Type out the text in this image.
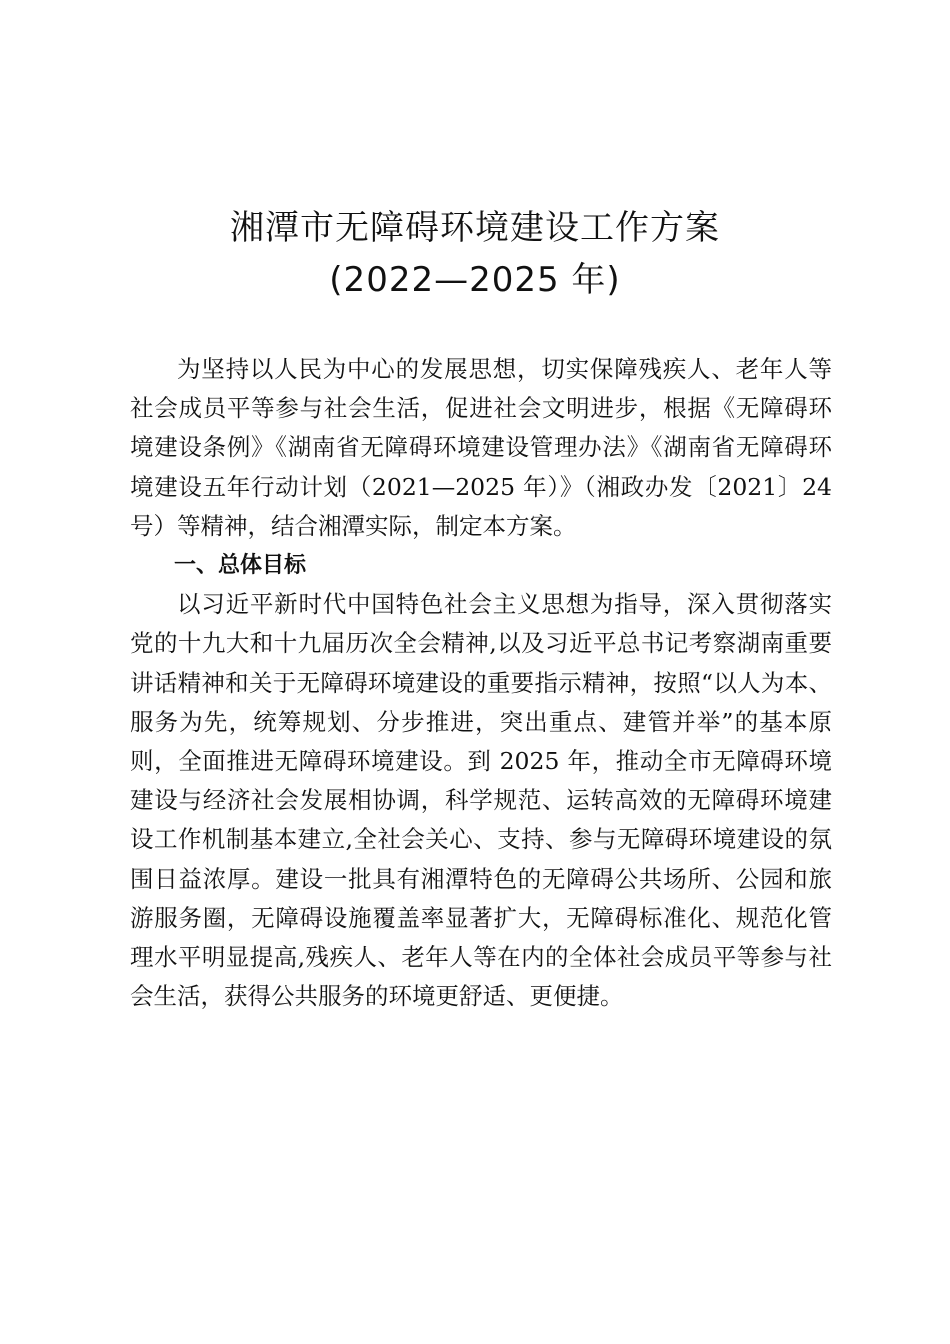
湘潭市无障碍环境建设工作方案
(2022—2025 年)

为坚持以人民为中心的发展思想，切实保障残疾人、老年人等社会成员平等参与社会生活，促进社会文明进步，根据《无障碍环境建设条例》《湖南省无障碍环境建设管理办法》《湖南省无障碍环境建设五年行动计划（2021—2025 年）》（湘政办发〔2021〕24 号）等精神，结合湘潭实际，制定本方案。

一、总体目标

以习近平新时代中国特色社会主义思想为指导，深入贯彻落实党的十九大和十九届历次全会精神,以及习近平总书记考察湖南重要讲话精神和关于无障碍环境建设的重要指示精神，按照“以人为本、服务为先，统筹规划、分步推进，突出重点、建管并举”的基本原则，全面推进无障碍环境建设。到 2025 年，推动全市无障碍环境建设与经济社会发展相协调，科学规范、运转高效的无障碍环境建设工作机制基本建立,全社会关心、支持、参与无障碍环境建设的氛围日益浓厚。建设一批具有湘潭特色的无障碍公共场所、公园和旅游服务圈，无障碍设施覆盖率显著扩大，无障碍标准化、规范化管理水平明显提高,残疾人、老年人等在内的全体社会成员平等参与社会生活，获得公共服务的环境更舒适、更便捷。
